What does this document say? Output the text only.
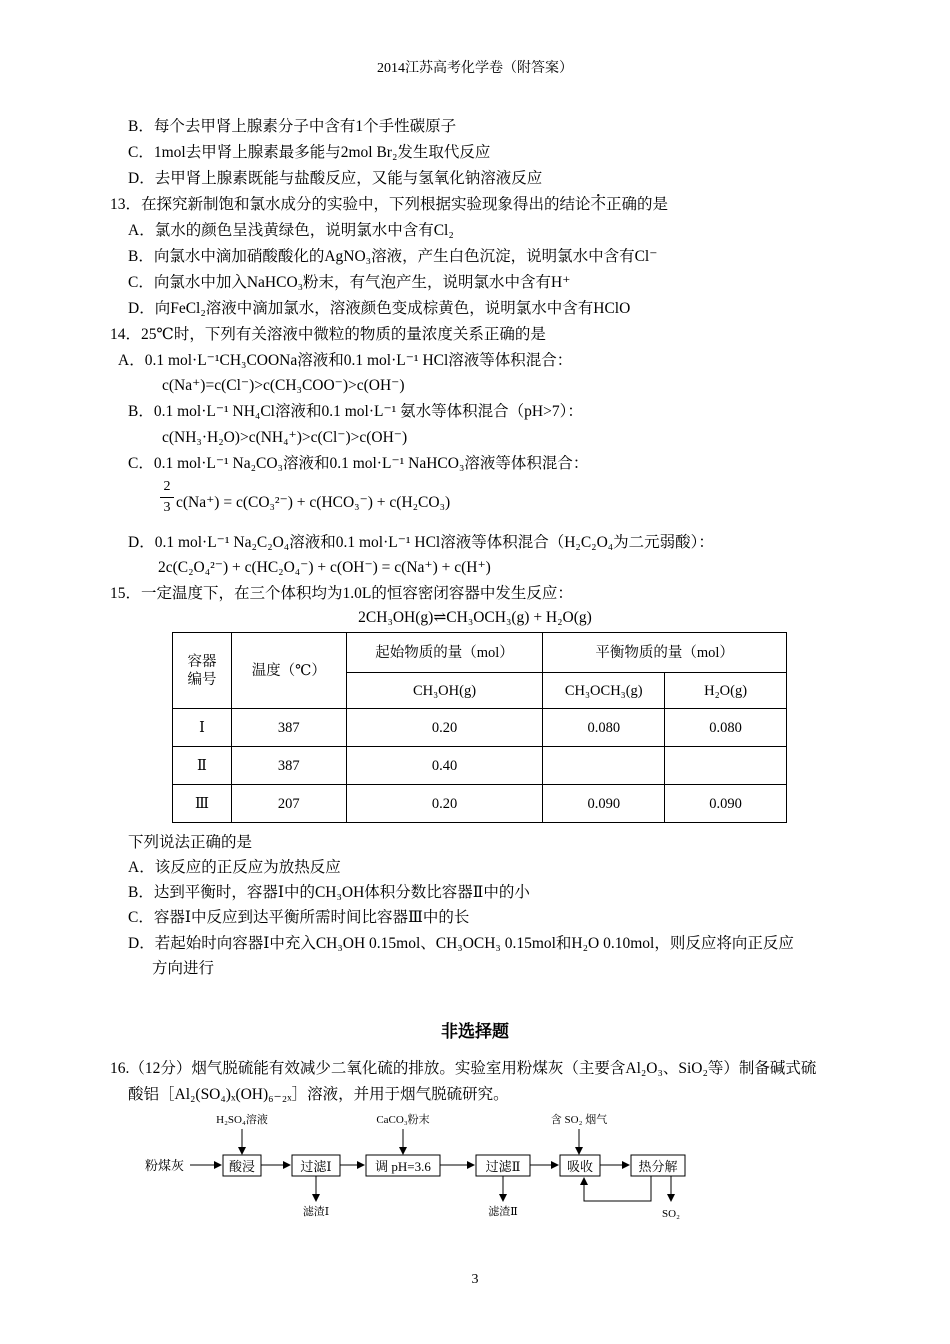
2014江苏高考化学卷（附答案）
B．每个去甲肾上腺素分子中含有1个手性碳原子
C．1mol去甲肾上腺素最多能与2mol Br₂发生取代反应
D．去甲肾上腺素既能与盐酸反应，又能与氢氧化钠溶液反应
13．在探究新制饱和氯水成分的实验中，下列根据实验现象得出的结论不正确的是
A．氯水的颜色呈浅黄绿色，说明氯水中含有Cl₂
B．向氯水中滴加硝酸酸化的AgNO₃溶液，产生白色沉淀，说明氯水中含有Cl⁻
C．向氯水中加入NaHCO₃粉末，有气泡产生，说明氯水中含有H⁺
D．向FeCl₂溶液中滴加氯水，溶液颜色变成棕黄色，说明氯水中含有HClO
14．25℃时，下列有关溶液中微粒的物质的量浓度关系正确的是
A．0.1 mol·L⁻¹CH₃COONa溶液和0.1 mol·L⁻¹ HCl溶液等体积混合：
c(Na⁺)=c(Cl⁻)>c(CH₃COO⁻)>c(OH⁻)
B．0.1 mol·L⁻¹ NH₄Cl溶液和0.1 mol·L⁻¹ 氨水等体积混合（pH>7）：
c(NH₃·H₂O)>c(NH₄⁺)>c(Cl⁻)>c(OH⁻)
C．0.1 mol·L⁻¹ Na₂CO₃溶液和0.1 mol·L⁻¹ NaHCO₃溶液等体积混合：
2
3 c(Na⁺) = c(CO₃²⁻) + c(HCO₃⁻) + c(H₂CO₃)
D．0.1 mol·L⁻¹ Na₂C₂O₄溶液和0.1 mol·L⁻¹ HCl溶液等体积混合（H₂C₂O₄为二元弱酸）：
2c(C₂O₄²⁻) + c(HC₂O₄⁻) + c(OH⁻) = c(Na⁺) + c(H⁺)
15．一定温度下，在三个体积均为1.0L的恒容密闭容器中发生反应：
2CH₃OH(g)⇌CH₃OCH₃(g) + H₂O(g)
容器编号	温度（℃）	起始物质的量（mol）	平衡物质的量（mol）	
		CH₃OH(g)	CH₃OCH₃(g)	H₂O(g)
Ⅰ	387	0.20	0.080	0.080
Ⅱ	387	0.40		
Ⅲ	207	0.20	0.090	0.090
下列说法正确的是
A．该反应的正反应为放热反应
B．达到平衡时，容器Ⅰ中的CH₃OH体积分数比容器Ⅱ中的小
C．容器Ⅰ中反应到达平衡所需时间比容器Ⅲ中的长
D．若起始时向容器Ⅰ中充入CH₃OH 0.15mol、CH₃OCH₃ 0.15mol和H₂O 0.10mol，则反应将向正反应
方向进行
非选择题
16.（12分）烟气脱硫能有效减少二氧化硫的排放。实验室用粉煤灰（主要含Al₂O₃、SiO₂等）制备碱式硫
酸铝［Al₂(SO₄)ₓ(OH)₆₋₂ₓ］溶液，并用于烟气脱硫研究。
H₂SO₄溶液	CaCO₃粉末	含 SO₂ 烟气
粉煤灰	酸浸	过滤Ⅰ	调 pH=3.6	过滤Ⅱ	吸收	热分解
滤渣Ⅰ	滤渣Ⅱ	SO₂
3
